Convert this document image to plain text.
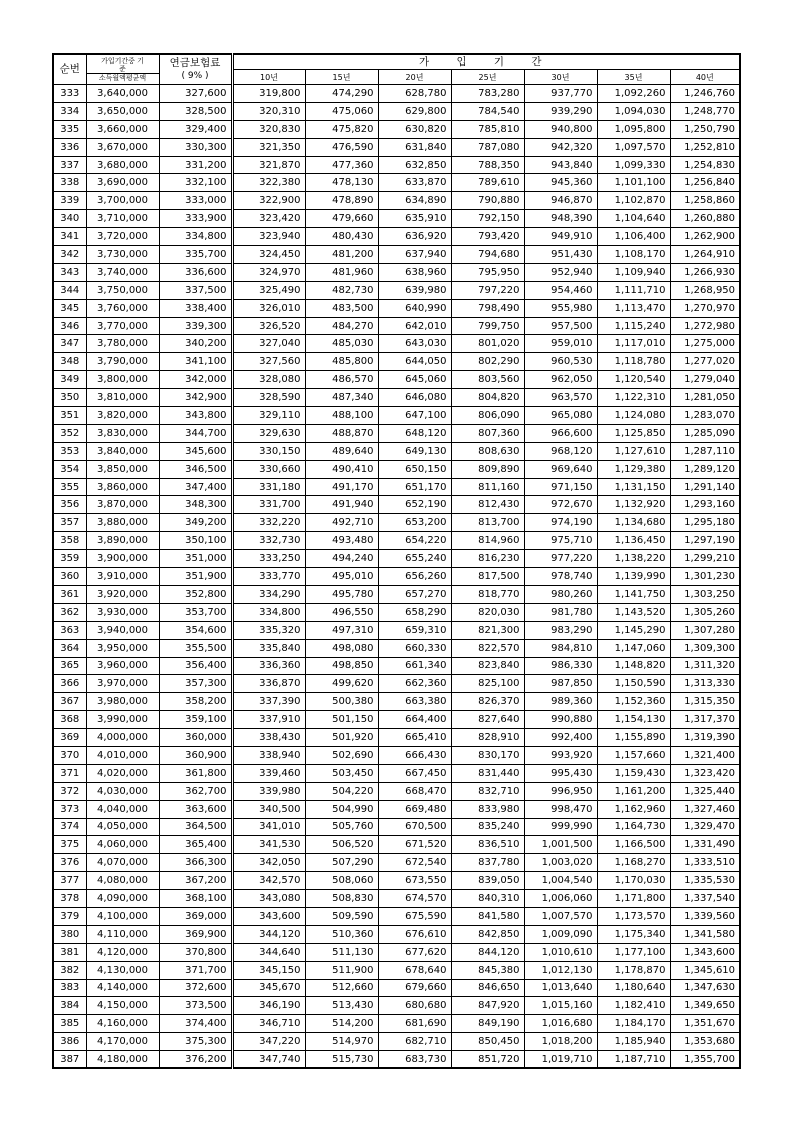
순번	가입기간중 기
준
소득월액평균액	연금보험료
( 9% )	가 입 기 간						
			10년	15년	20년	25년	30년	35년	40년
333	3,640,000	327,600	319,800	474,290	628,780	783,280	937,770	1,092,260	1,246,760
334	3,650,000	328,500	320,310	475,060	629,800	784,540	939,290	1,094,030	1,248,770
335	3,660,000	329,400	320,830	475,820	630,820	785,810	940,800	1,095,800	1,250,790
336	3,670,000	330,300	321,350	476,590	631,840	787,080	942,320	1,097,570	1,252,810
337	3,680,000	331,200	321,870	477,360	632,850	788,350	943,840	1,099,330	1,254,830
338	3,690,000	332,100	322,380	478,130	633,870	789,610	945,360	1,101,100	1,256,840
339	3,700,000	333,000	322,900	478,890	634,890	790,880	946,870	1,102,870	1,258,860
340	3,710,000	333,900	323,420	479,660	635,910	792,150	948,390	1,104,640	1,260,880
341	3,720,000	334,800	323,940	480,430	636,920	793,420	949,910	1,106,400	1,262,900
342	3,730,000	335,700	324,450	481,200	637,940	794,680	951,430	1,108,170	1,264,910
343	3,740,000	336,600	324,970	481,960	638,960	795,950	952,940	1,109,940	1,266,930
344	3,750,000	337,500	325,490	482,730	639,980	797,220	954,460	1,111,710	1,268,950
345	3,760,000	338,400	326,010	483,500	640,990	798,490	955,980	1,113,470	1,270,970
346	3,770,000	339,300	326,520	484,270	642,010	799,750	957,500	1,115,240	1,272,980
347	3,780,000	340,200	327,040	485,030	643,030	801,020	959,010	1,117,010	1,275,000
348	3,790,000	341,100	327,560	485,800	644,050	802,290	960,530	1,118,780	1,277,020
349	3,800,000	342,000	328,080	486,570	645,060	803,560	962,050	1,120,540	1,279,040
350	3,810,000	342,900	328,590	487,340	646,080	804,820	963,570	1,122,310	1,281,050
351	3,820,000	343,800	329,110	488,100	647,100	806,090	965,080	1,124,080	1,283,070
352	3,830,000	344,700	329,630	488,870	648,120	807,360	966,600	1,125,850	1,285,090
353	3,840,000	345,600	330,150	489,640	649,130	808,630	968,120	1,127,610	1,287,110
354	3,850,000	346,500	330,660	490,410	650,150	809,890	969,640	1,129,380	1,289,120
355	3,860,000	347,400	331,180	491,170	651,170	811,160	971,150	1,131,150	1,291,140
356	3,870,000	348,300	331,700	491,940	652,190	812,430	972,670	1,132,920	1,293,160
357	3,880,000	349,200	332,220	492,710	653,200	813,700	974,190	1,134,680	1,295,180
358	3,890,000	350,100	332,730	493,480	654,220	814,960	975,710	1,136,450	1,297,190
359	3,900,000	351,000	333,250	494,240	655,240	816,230	977,220	1,138,220	1,299,210
360	3,910,000	351,900	333,770	495,010	656,260	817,500	978,740	1,139,990	1,301,230
361	3,920,000	352,800	334,290	495,780	657,270	818,770	980,260	1,141,750	1,303,250
362	3,930,000	353,700	334,800	496,550	658,290	820,030	981,780	1,143,520	1,305,260
363	3,940,000	354,600	335,320	497,310	659,310	821,300	983,290	1,145,290	1,307,280
364	3,950,000	355,500	335,840	498,080	660,330	822,570	984,810	1,147,060	1,309,300
365	3,960,000	356,400	336,360	498,850	661,340	823,840	986,330	1,148,820	1,311,320
366	3,970,000	357,300	336,870	499,620	662,360	825,100	987,850	1,150,590	1,313,330
367	3,980,000	358,200	337,390	500,380	663,380	826,370	989,360	1,152,360	1,315,350
368	3,990,000	359,100	337,910	501,150	664,400	827,640	990,880	1,154,130	1,317,370
369	4,000,000	360,000	338,430	501,920	665,410	828,910	992,400	1,155,890	1,319,390
370	4,010,000	360,900	338,940	502,690	666,430	830,170	993,920	1,157,660	1,321,400
371	4,020,000	361,800	339,460	503,450	667,450	831,440	995,430	1,159,430	1,323,420
372	4,030,000	362,700	339,980	504,220	668,470	832,710	996,950	1,161,200	1,325,440
373	4,040,000	363,600	340,500	504,990	669,480	833,980	998,470	1,162,960	1,327,460
374	4,050,000	364,500	341,010	505,760	670,500	835,240	999,990	1,164,730	1,329,470
375	4,060,000	365,400	341,530	506,520	671,520	836,510	1,001,500	1,166,500	1,331,490
376	4,070,000	366,300	342,050	507,290	672,540	837,780	1,003,020	1,168,270	1,333,510
377	4,080,000	367,200	342,570	508,060	673,550	839,050	1,004,540	1,170,030	1,335,530
378	4,090,000	368,100	343,080	508,830	674,570	840,310	1,006,060	1,171,800	1,337,540
379	4,100,000	369,000	343,600	509,590	675,590	841,580	1,007,570	1,173,570	1,339,560
380	4,110,000	369,900	344,120	510,360	676,610	842,850	1,009,090	1,175,340	1,341,580
381	4,120,000	370,800	344,640	511,130	677,620	844,120	1,010,610	1,177,100	1,343,600
382	4,130,000	371,700	345,150	511,900	678,640	845,380	1,012,130	1,178,870	1,345,610
383	4,140,000	372,600	345,670	512,660	679,660	846,650	1,013,640	1,180,640	1,347,630
384	4,150,000	373,500	346,190	513,430	680,680	847,920	1,015,160	1,182,410	1,349,650
385	4,160,000	374,400	346,710	514,200	681,690	849,190	1,016,680	1,184,170	1,351,670
386	4,170,000	375,300	347,220	514,970	682,710	850,450	1,018,200	1,185,940	1,353,680
387	4,180,000	376,200	347,740	515,730	683,730	851,720	1,019,710	1,187,710	1,355,700
